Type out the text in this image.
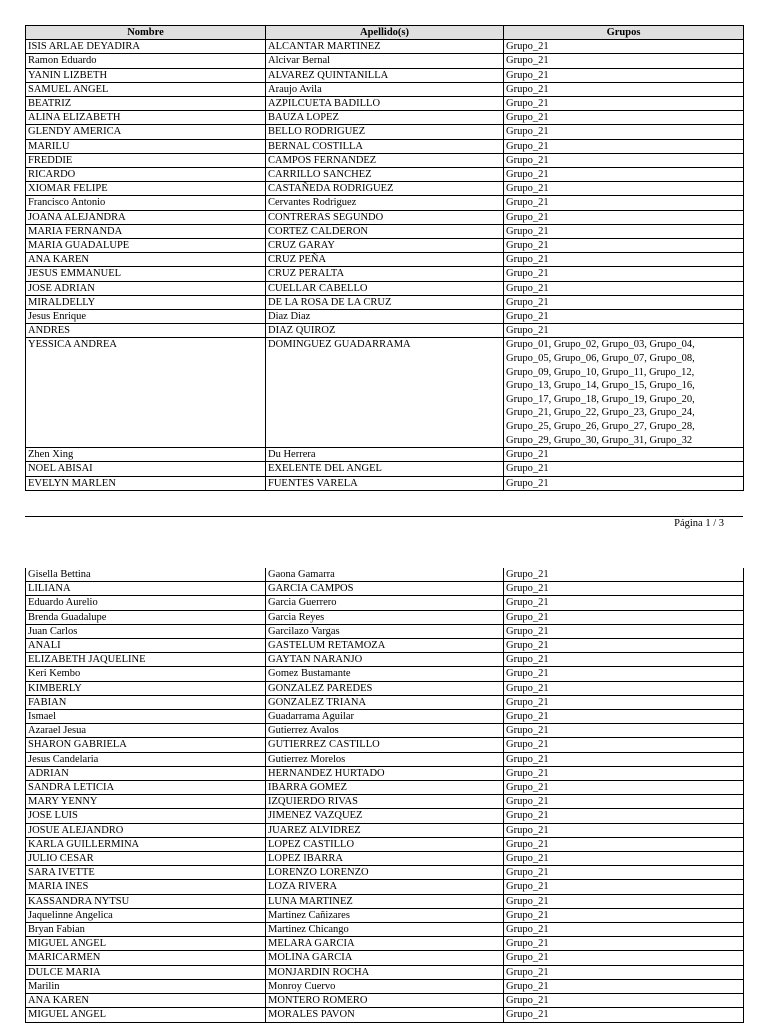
Nombre	Apellido(s)	Grupos
ISIS ARLAE DEYADIRA	ALCANTAR MARTINEZ	Grupo_21
Ramon Eduardo	Alcivar Bernal	Grupo_21
YANIN LIZBETH	ALVAREZ QUINTANILLA	Grupo_21
SAMUEL ANGEL	Araujo Avila	Grupo_21
BEATRIZ	AZPILCUETA BADILLO	Grupo_21
ALINA ELIZABETH	BAUZA LOPEZ	Grupo_21
GLENDY AMERICA	BELLO RODRIGUEZ	Grupo_21
MARILU	BERNAL COSTILLA	Grupo_21
FREDDIE	CAMPOS FERNANDEZ	Grupo_21
RICARDO	CARRILLO SANCHEZ	Grupo_21
XIOMAR FELIPE	CASTAÑEDA RODRIGUEZ	Grupo_21
Francisco Antonio	Cervantes Rodriguez	Grupo_21
JOANA ALEJANDRA	CONTRERAS SEGUNDO	Grupo_21
MARIA FERNANDA	CORTEZ CALDERON	Grupo_21
MARIA GUADALUPE	CRUZ GARAY	Grupo_21
ANA KAREN	CRUZ PEÑA	Grupo_21
JESUS EMMANUEL	CRUZ PERALTA	Grupo_21
JOSE ADRIAN	CUELLAR CABELLO	Grupo_21
MIRALDELLY	DE LA ROSA DE LA CRUZ	Grupo_21
Jesus Enrique	Diaz Diaz	Grupo_21
ANDRES	DIAZ QUIROZ	Grupo_21
YESSICA ANDREA	DOMINGUEZ GUADARRAMA	Grupo_01, Grupo_02, Grupo_03, Grupo_04, Grupo_05, Grupo_06, Grupo_07, Grupo_08, Grupo_09, Grupo_10, Grupo_11, Grupo_12, Grupo_13, Grupo_14, Grupo_15, Grupo_16, Grupo_17, Grupo_18, Grupo_19, Grupo_20, Grupo_21, Grupo_22, Grupo_23, Grupo_24, Grupo_25, Grupo_26, Grupo_27, Grupo_28, Grupo_29, Grupo_30, Grupo_31, Grupo_32
Zhen Xing	Du Herrera	Grupo_21
NOEL ABISAI	EXELENTE DEL ANGEL	Grupo_21
EVELYN MARLEN	FUENTES VARELA	Grupo_21
Página 1 / 3
Gisella Bettina	Gaona Gamarra	Grupo_21
LILIANA	GARCIA CAMPOS	Grupo_21
Eduardo Aurelio	Garcia Guerrero	Grupo_21
Brenda Guadalupe	Garcia Reyes	Grupo_21
Juan Carlos	Garcilazo Vargas	Grupo_21
ANALI	GASTELUM RETAMOZA	Grupo_21
ELIZABETH JAQUELINE	GAYTAN NARANJO	Grupo_21
Keri Kembo	Gomez Bustamante	Grupo_21
KIMBERLY	GONZALEZ PAREDES	Grupo_21
FABIAN	GONZALEZ TRIANA	Grupo_21
Ismael	Guadarrama Aguilar	Grupo_21
Azarael Jesua	Gutierrez Avalos	Grupo_21
SHARON GABRIELA	GUTIERREZ CASTILLO	Grupo_21
Jesus Candelaria	Gutierrez Morelos	Grupo_21
ADRIAN	HERNANDEZ HURTADO	Grupo_21
SANDRA LETICIA	IBARRA GOMEZ	Grupo_21
MARY YENNY	IZQUIERDO RIVAS	Grupo_21
JOSE LUIS	JIMENEZ VAZQUEZ	Grupo_21
JOSUE ALEJANDRO	JUAREZ ALVIDREZ	Grupo_21
KARLA GUILLERMINA	LOPEZ CASTILLO	Grupo_21
JULIO CESAR	LOPEZ IBARRA	Grupo_21
SARA IVETTE	LORENZO LORENZO	Grupo_21
MARIA INES	LOZA RIVERA	Grupo_21
KASSANDRA NYTSU	LUNA MARTINEZ	Grupo_21
Jaquelinne Angelica	Martinez Cañizares	Grupo_21
Bryan Fabian	Martinez Chicango	Grupo_21
MIGUEL ANGEL	MELARA GARCIA	Grupo_21
MARICARMEN	MOLINA GARCIA	Grupo_21
DULCE MARIA	MONJARDIN ROCHA	Grupo_21
Marilin	Monroy Cuervo	Grupo_21
ANA KAREN	MONTERO ROMERO	Grupo_21
MIGUEL ANGEL	MORALES PAVON	Grupo_21
